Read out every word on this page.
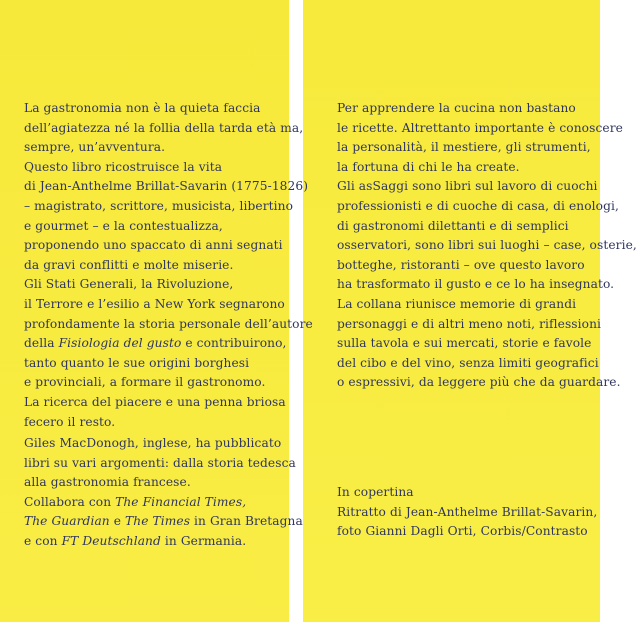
La gastronomia non è la quieta faccia
dell’agiatezza né la follia della tarda età ma,
sempre, un’avventura.
Questo libro ricostruisce la vita
di Jean-Anthelme Brillat-Savarin (1775-1826)
– magistrato, scrittore, musicista, libertino
e gourmet – e la contestualizza,
proponendo uno spaccato di anni segnati
da gravi conflitti e molte miserie.
Gli Stati Generali, la Rivoluzione,
il Terrore e l’esilio a New York segnarono
profondamente la storia personale dell’autore
della Fisiologia del gusto e contribuirono,
tanto quanto le sue origini borghesi
e provinciali, a formare il gastronomo.
La ricerca del piacere e una penna briosa
fecero il resto.
Giles MacDonogh, inglese, ha pubblicato
libri su vari argomenti: dalla storia tedesca
alla gastronomia francese.
Collabora con The Financial Times,
The Guardian e The Times in Gran Bretagna
e con FT Deutschland in Germania.
Per apprendere la cucina non bastano
le ricette. Altrettanto importante è conoscere
la personalità, il mestiere, gli strumenti,
la fortuna di chi le ha create.
Gli asSaggi sono libri sul lavoro di cuochi
professionisti e di cuoche di casa, di enologi,
di gastronomi dilettanti e di semplici
osservatori, sono libri sui luoghi – case, osterie,
botteghe, ristoranti – ove questo lavoro
ha trasformato il gusto e ce lo ha insegnato.
La collana riunisce memorie di grandi
personaggi e di altri meno noti, riflessioni
sulla tavola e sui mercati, storie e favole
del cibo e del vino, senza limiti geografici
o espressivi, da leggere più che da guardare.
In copertina
Ritratto di Jean-Anthelme Brillat-Savarin,
foto Gianni Dagli Orti, Corbis/Contrasto
